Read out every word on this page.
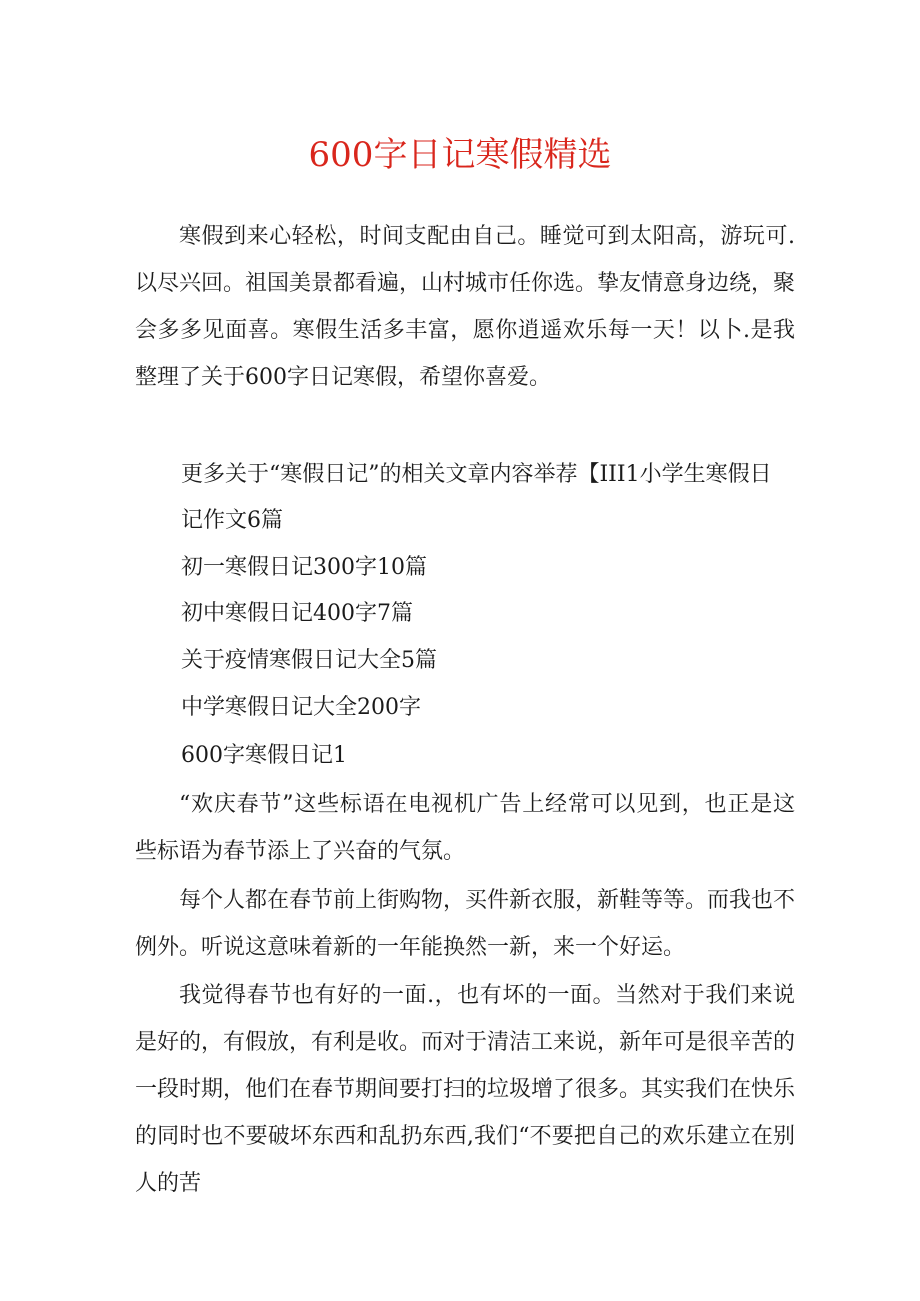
600字日记寒假精选

寒假到来心轻松，时间支配由自己。睡觉可到太阳高，游玩可.以尽兴回。祖国美景都看遍，山村城市任你选。挚友情意身边绕，聚会多多见面喜。寒假生活多丰富，愿你逍遥欢乐每一天！以卜.是我整理了关于600字日记寒假，希望你喜爱。

更多关于“寒假日记”的相关文章内容举荐【III1小学生寒假日

记作文6篇

初一寒假日记300字10篇

初中寒假日记400字7篇

关于疫情寒假日记大全5篇

中学寒假日记大全200字

600字寒假日记1

“欢庆春节”这些标语在电视机广告上经常可以见到，也正是这些标语为春节添上了兴奋的气氛。

每个人都在春节前上街购物，买件新衣服，新鞋等等。而我也不例外。听说这意味着新的一年能换然一新，来一个好运。

我觉得春节也有好的一面.，也有坏的一面。当然对于我们来说是好的，有假放，有利是收。而对于清洁工来说，新年可是很辛苦的一段时期，他们在春节期间要打扫的垃圾增了很多。其实我们在快乐的同时也不要破坏东西和乱扔东西,我们“不要把自己的欢乐建立在别人的苦
